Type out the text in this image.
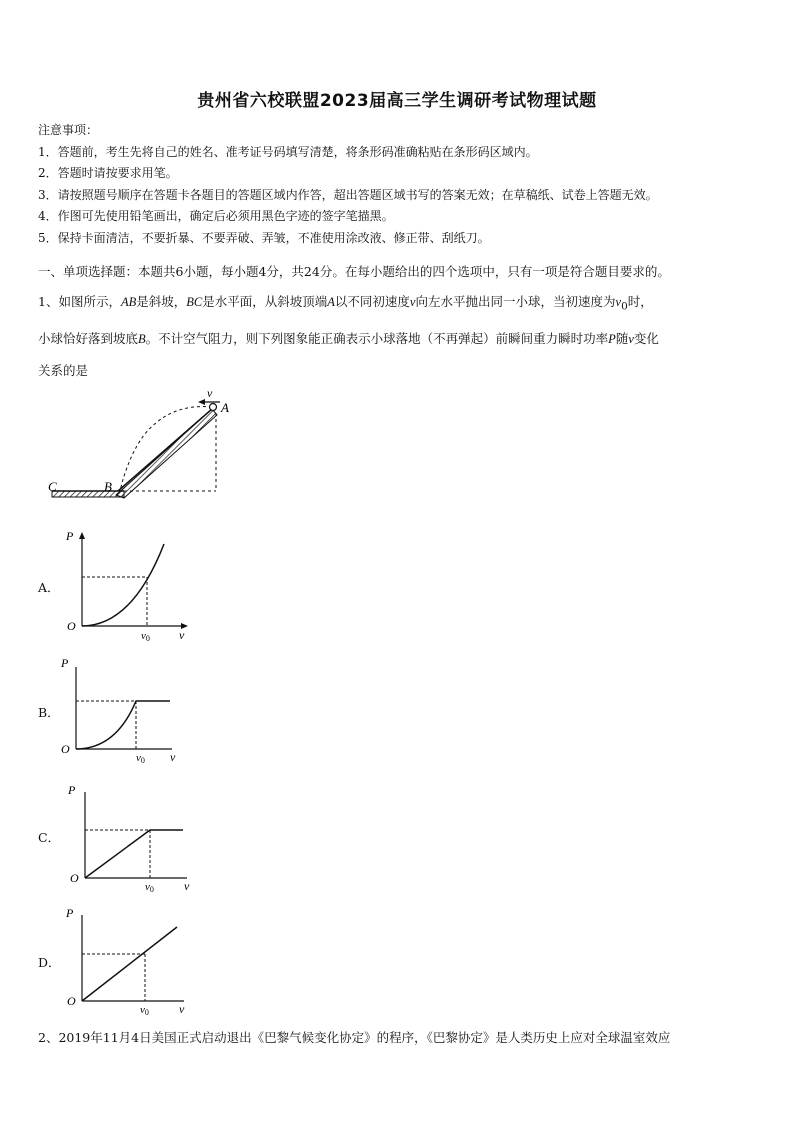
贵州省六校联盟2023届高三学生调研考试物理试题
注意事项：
1．答题前，考生先将自己的姓名、准考证号码填写清楚，将条形码准确粘贴在条形码区域内。
2．答题时请按要求用笔。
3．请按照题号顺序在答题卡各题目的答题区域内作答，超出答题区域书写的答案无效；在草稿纸、试卷上答题无效。
4．作图可先使用铅笔画出，确定后必须用黑色字迹的签字笔描黑。
5．保持卡面清洁，不要折暴、不要弄破、弄皱，不准使用涂改液、修正带、刮纸刀。
一、单项选择题：本题共6小题，每小题4分，共24分。在每小题给出的四个选项中，只有一项是符合题目要求的。
1、如图所示，AB是斜坡，BC是水平面，从斜坡顶端A以不同初速度v向左水平抛出同一小球，当初速度为$v_0$时，
小球恰好落到坡底B。不计空气阻力，则下列图象能正确表示小球落地（不再弹起）前瞬间重力瞬时功率P随v变化
关系的是
v
A
B
C
A．
P
O
v0 v
B．
P
O
v0 v
C．
P
O
v0	v
D．
P
O
v0	v
2、2019年11月4日美国正式启动退出《巴黎气候变化协定》的程序，《巴黎协定》是人类历史上应对全球温室效应
